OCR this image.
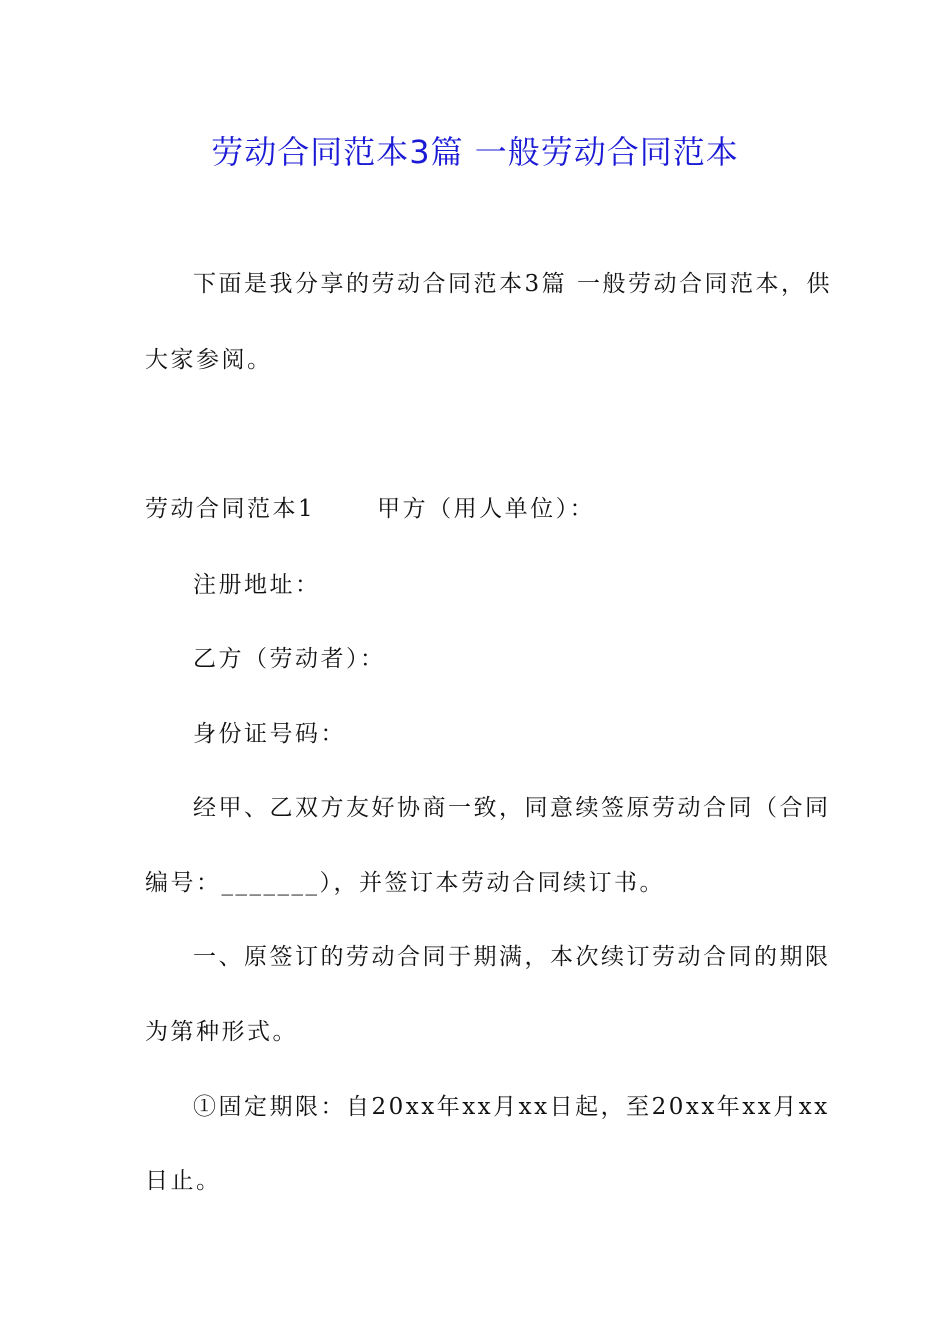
劳动合同范本3篇 一般劳动合同范本
下面是我分享的劳动合同范本3篇 一般劳动合同范本，供
大家参阅。
劳动合同范本1	甲方（用人单位）：
注册地址：
乙方（劳动者）：
身份证号码：
经甲、乙双方友好协商一致，同意续签原劳动合同（合同
编号：_______），并签订本劳动合同续订书。
一、原签订的劳动合同于期满，本次续订劳动合同的期限
为第种形式。
①固定期限：自20xx年xx月xx日起，至20xx年xx月xx
日止。
